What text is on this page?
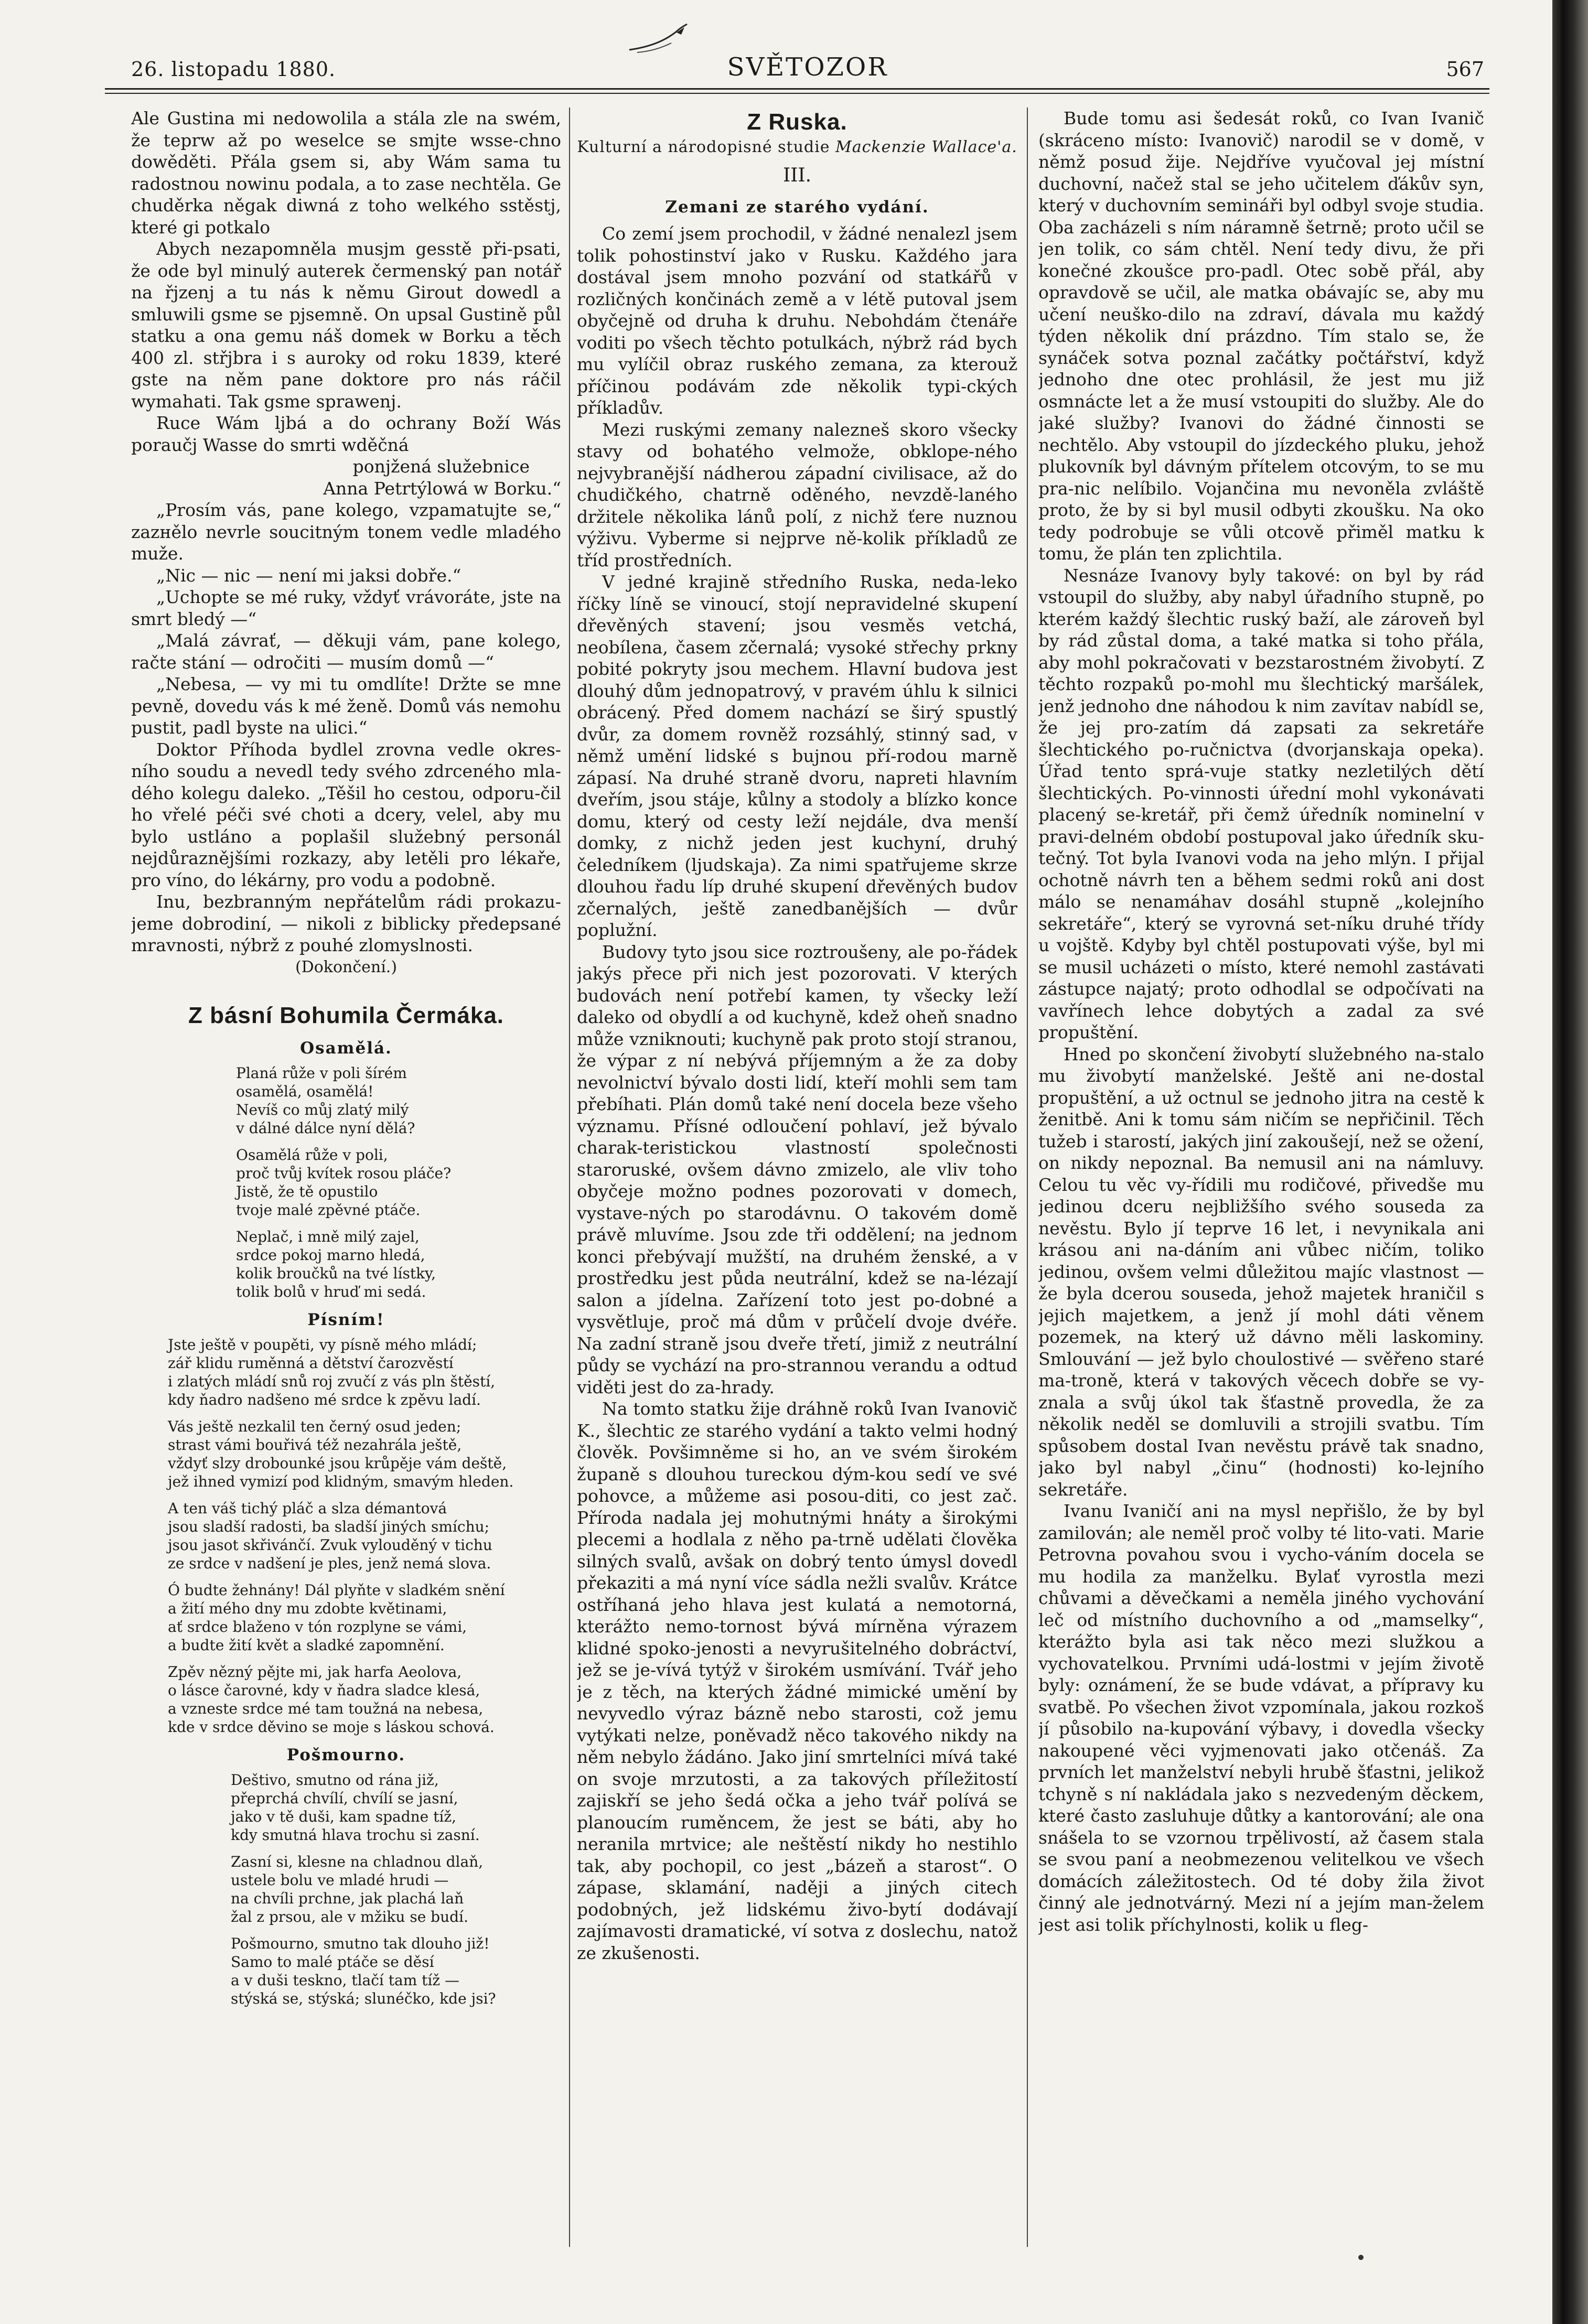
SVĚTOZOR
26. listopadu 1880.	567

Ale Gustina mi nedowolila a stála zle na swém, že teprw až po weselce se smjte wsse-chno dowěděti. Přála gsem si, aby Wám sama tu radostnou nowinu podala, a to zase nechtěla. Ge chuděrka něgak diwná z toho welkého sstěstj, které gi potkalo

Abych nezapomněla musjm gesstě při-psati, že ode byl minulý auterek čermenský pan notář na řjzenj a tu nás k němu Girout dowedl a smluwili gsme se pjsemně. On upsal Gustině půl statku a ona gemu náš domek w Borku a těch 400 zl. střjbra i s auroky od roku 1839, které gste na něm pane doktore pro nás ráčil wymahati. Tak gsme sprawenj.

Ruce Wám ljbá a do ochrany Boží Wás poraučj Wasse do smrti wděčná

ponjžená služebnice

Anna Petrtýlowá w Borku.“

„Prosím vás, pane kolego, vzpamatujte se,“ zazнělo nevrle soucitným tonem vedle mladého muže.

„Nic — nic — není mi jaksi dobře.“

„Uchopte se mé ruky, vždyť vrávoráte, jste na smrt bledý —“

„Malá závrať, — děkuji vám, pane kolego, račte stání — odročiti — musím domů —“

„Nebesa, — vy mi tu omdlíte! Držte se mne pevně, dovedu vás k mé ženě. Domů vás nemohu pustit, padl byste na ulici.“

Doktor Příhoda bydlel zrovna vedle okres-ního soudu a nevedl tedy svého zdrceného mla-dého kolegu daleko. „Těšil ho cestou, odporu-čil ho vřelé péči své choti a dcery, velel, aby mu bylo ustláno a poplašil služebný personál nejdůraznějšími rozkazy, aby letěli pro lékaře, pro víno, do lékárny, pro vodu a podobně.

Inu, bezbranným nepřátelům rádi prokazu-jeme dobrodiní, — nikoli z biblicky předepsané mravnosti, nýbrž z pouhé zlomyslnosti.

(Dokončení.)
Z básní Bohumila Čermáka.
Osamělá.
Planá růže v poli šírém
osamělá, osamělá!
Nevíš co můj zlatý milý
v dálné dálce nyní dělá?
Osamělá růže v poli,
proč tvůj kvítek rosou pláče?
Jistě, že tě opustilo
tvoje malé zpěvné ptáče.
Neplač, i mně milý zajel,
srdce pokoj marno hledá,
kolik broučků na tvé lístky,
tolik bolů v hruď mi sedá.
Písním!
Jste ještě v poupěti, vy písně mého mládí;
zář klidu ruměnná a dětství čarozvěstí
i zlatých mládí snů roj zvučí z vás pln štěstí,
kdy ňadro nadšeno mé srdce k zpěvu ladí.
Vás ještě nezkalil ten černý osud jeden;
strast vámi bouřivá též nezahrála ještě,
vždyť slzy drobounké jsou krůpěje vám deště,
jež ihned vymizí pod klidným, smavým hleden.
A ten váš tichý pláč a slza démantová
jsou sladší radosti, ba sladší jiných smíchu;
jsou jasot skřivánčí. Zvuk vylouděný v tichu
ze srdce v nadšení je ples, jenž nemá slova.
Ó budte žehnány! Dál plyňte v sladkém snění
a žití mého dny mu zdobte květinami,
ať srdce blaženo v tón rozplyne se vámi,
a budte žití květ a sladké zapomnění.
Zpěv nězný pějte mi, jak harfa Aeolova,
o lásce čarovné, kdy v ňadra sladce klesá,
a vzneste srdce mé tam toužná na nebesa,
kde v srdce děvino se moje s láskou schová.
Pošmourno.
Deštivo, smutno od rána již,
přeprchá chvílí, chvílí se jasní,
jako v tě duši, kam spadne tíž,
kdy smutná hlava trochu si zasní.
Zasní si, klesne na chladnou dlaň,
ustele bolu ve mladé hrudi —
na chvíli prchne, jak plachá laň
žal z prsou, ale v mžiku se budí.
Pošmourno, smutno tak dlouho již!
Samo to malé ptáče se děsí
a v duši tesknо, tlačí tam tíž —
stýská se, stýská; slunéčko, kde jsi?
Z Ruska.
Kulturní a národopisné studie Mackenzie Wallace'a.
III.
Zemani ze starého vydání.

Co zemí jsem prochodil, v žádné nenalezl jsem tolik pohostinství jako v Rusku. Každého jara dostával jsem mnoho pozvání od statkářů v rozličných končinách země a v létě putoval jsem obyčejně od druha k druhu. Nebohdám čtenáře voditi po všech těchto potulkách, nýbrž rád bych mu vylíčil obraz ruského zemana, za kterouž příčinou podávám zde několik typi-ckých příkladův.

Mezi ruskými zemany nalezneš skoro všecky stavy od bohatého velmože, obklope-ného nejvybranější nádherou západní civilisace, až do chudičkého, chatrně oděného, nevzdě-laného držitele několika lánů polí, z nichž ťere nuznou výživu. Vyberme si nejprve ně-kolik příkladů ze tříd prostředních.

V jedné krajině středního Ruska, neda-leko říčky líně se vinoucí, stojí nepravidelné skupení dřevěných stavení; jsou vesměs vetchá, neobílena, časem zčernalá; vysoké střechy prkny pobité pokryty jsou mechem. Hlavní budova jest dlouhý dům jednopatrový, v pravém úhlu k silnici obrácený. Před domem nachází se širý spustlý dvůr, za domem rovněž rozsáhlý, stinný sad, v němž umění lidské s bujnou pří-rodou marně zápasí. Na druhé straně dvoru, napreti hlavním dveřím, jsou stáje, kůlny a stodoly a blízko konce domu, který od cesty leží nejdále, dva menší domky, z nichž jeden jest kuchyní, druhý čeledníkem (ljudskaja). Za nimi spatřujeme skrze dlouhou řadu líp druhé skupení dřevěných budov zčernalých, ještě zanedbanějších — dvůr poplužní.

Budovy tyto jsou sice roztroušeny, ale po-řádek jakýs přece při nich jest pozorovati. V kterých budovách není potřebí kamen, ty všecky leží daleko od obydlí a od kuchyně, kdež oheň snadno může vzniknouti; kuchyně pak proto stojí stranou, že výpar z ní nebývá příjemným a že za doby nevolnictví bývalo dosti lidí, kteří mohli sem tam přebíhati. Plán domů také není docela beze všeho významu. Přísné odloučení pohlaví, jež bývalo charak-teristickou vlastností společnosti starоruské, ovšem dávno zmizelo, ale vliv toho obyčeje možno podnes pozorovati v domech, vystave-ných po starodávnu. O takovém domě právě mluvíme. Jsou zde tři oddělení; na jednom konci přebývají mužští, na druhém ženské, a v prostředku jest půda neutrální, kdež se na-lézají salon a jídelna. Zařízení toto jest po-dobné a vysvětluje, proč má dům v průčelí dvoje dvéře. Na zadní straně jsou dveře třetí, jimiž z neutrální půdy se vychází na pro-strannou verandu a odtud viděti jest do za-hrady.

Na tomto statku žije dráhně roků Ivan Ivanovič K., šlechtic ze starého vydání a takto velmi hodný člověk. Povšimněme si ho, an ve svém širokém županě s dlouhou tureckou dým-kou sedí ve své pohovce, a můžeme asi posou-diti, co jest zač. Příroda nadala jej mohutnými hnáty a širokými plecemi a hodlala z něho pa-trně udělati člověka silných svalů, avšak on dobrý tento úmysl dovedl překaziti a má nyní více sádla nežli svalův. Krátce ostříhaná jeho hlava jest kulatá a nemotorná, kterážto nemo-tornost bývá mírněna výrazem klidné spoko-jenosti a nevyrušitelného dobráctví, jež se je-vívá tytýž v širokém usmívání. Tvář jeho je z těch, na kterých žádné mimické umění by nevyvedlo výraz bázně nebo starosti, což jemu vytýkati nelze, poněvadž něco takového nikdy na něm nebylo žádáno. Jako jiní smrtelníci mívá také on svoje mrzutosti, a za takových příležitostí zajiskří se jeho šedá očka a jeho tvář polívá se planoucím ruměncem, že jest se báti, aby ho neranila mrtvice; ale neštěstí nikdy ho nestihlo tak, aby pochopil, co jest „bázeň a starost“. O zápase, sklamání, naději a jiných citech podobných, jež lidskému živo-bytí dodávají zajímavosti dramatické, ví sotva z doslechu, natož ze zkušenosti.

Bude tomu asi šedesát roků, co Ivan Ivanič (skráceno místo: Ivanovič) narodil se v domě, v němž posud žije. Nejdříve vyučoval jej místní duchovní, načež stal se jeho učitelem ďákův syn, který v duchovním semináři byl odbyl svoje studia. Oba zacházeli s ním náramně šetrně; proto učil se jen tolik, co sám chtěl. Není tedy divu, že při konečné zkoušce pro-padl. Otec sobě přál, aby opravdově se učil, ale matka obávajíc se, aby mu učení neuško-dilo na zdraví, dávala mu každý týden několik dní prázdno. Tím stalo se, že synáček sotva poznal začátky počtářství, když jednoho dne otec prohlásil, že jest mu již osmnácte let a že musí vstoupiti do služby. Ale do jaké služby? Ivanovi do žádné činnosti se nechtělo. Aby vstoupil do jízdeckého pluku, jehož plukovník byl dávným přítelem otcovým, to se mu pra-nic nelíbilo. Vojančina mu nevoněla zvláště proto, že by si byl musil odbyti zkoušku. Na oko tedy podrobuje se vůli otcově přiměl matku k tomu, že plán ten zplichtila.

Nesnáze Ivanovy byly takové: on byl by rád vstoupil do služby, aby nabyl úřadního stupně, po kterém každý šlechtic ruský baží, ale zároveň byl by rád zůstal doma, a také matka si toho přála, aby mohl pokračovati v bezstarostném živobytí. Z těchto rozpaků po-mohl mu šlechtický maršálek, jenž jednoho dne náhodou k nim zavítav nabídl se, že jej pro-zatím dá zapsati za sekretáře šlechtického po-ručnictva (dvorjanskaja opeka). Úřad tento sprá-vuje statky nezletilých dětí šlechtických. Po-vinnosti úřední mohl vykonávati placený se-kretář, při čemž úředník nominelní v pravi-delném období postupoval jako úředník sku-tečný. Tot byla Ivanovi voda na jeho mlýn. I přijal ochotně návrh ten a během sedmi roků ani dost málo se nenamáhav dosáhl stupně „kolejního sekretáře“, který se vyrovná set-níku druhé třídy u vojště. Kdyby byl chtěl postupovati výše, byl mi se musil ucházeti o místo, které nemohl zastávati zástupce najatý; proto odhodlal se odpočívati na vavřínech lehce dobytých a zadal za své propuštění.

Hned po skončení živobytí služebného na-stalo mu živobytí manželské. Ještě ani ne-dostal propuštění, a už octnul se jednoho jitra na cestě k ženitbě. Ani k tomu sám ničím se nepřičinil. Těch tužeb i starostí, jakých jiní zakoušejí, než se ožení, on nikdy nepoznal. Ba nemusil ani na námluvy. Celou tu věc vy-řídili mu rodičové, přivedše mu jedinou dceru nejbližšího svého souseda za nevěstu. Bylo jí teprve 16 let, i nevynikala ani krásou ani na-dáním ani vůbec ničím, toliko jedinou, ovšem velmi důležitou majíc vlastnost — že byla dcerou souseda, jehož majetek hraničil s jejich majetkem, a jenž jí mohl dáti věnem pozemek, na který už dávno měli laskominy. Smlouvání — jež bylo choulostivé — svěřeno staré ma-troně, která v takových věcech dobře se vy-znala a svůj úkol tak šťastně provedla, že za několik neděl se domluvili a strojili svatbu. Tím spůsobem dostal Ivan nevěstu právě tak snadno, jako byl nabyl „činu“ (hodnosti) ko-lejního sekretáře.

Ivanu Ivaničí ani na mysl nepřišlo, že by byl zamilován; ale neměl proč volby té lito-vati. Marie Petrovna povahou svou i vycho-váním docela se mu hodila za manželku. Bylať vyrostla mezi chůvami a děvečkami a neměla jiného vychování leč od místního duchovního a od „mamselky“, kterážto byla asi tak něco mezi služkou a vychovatelkou. Prvními udá-lostmi v jejím životě byly: oznámení, že se bude vdávat, a přípravy ku svatbě. Po všechen život vzpomínala, jakou rozkoš jí působilo na-kupování výbavy, i dovedla všecky nakoupené věci vyjmenovati jako otčenáš. Za prvních let manželství nebyli hrubě šťastni, jelikož tchyně s ní nakládala jako s nezvedeným děckem, které často zasluhuje důtky a kantorování; ale ona snášela to se vzornou trpělivostí, až časem stala se svou paní a neobmezenou velitelkou ve všech domácích záležitostech. Od té doby žila život činný ale jednotvárný. Mezi ní a jejím man-želem jest asi tolik příchylnosti, kolik u fleg-
